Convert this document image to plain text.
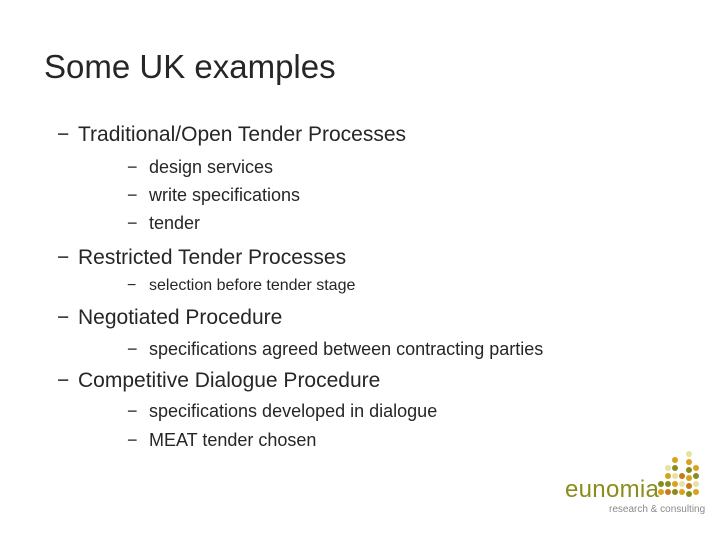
Some UK examples
− Traditional/Open Tender Processes
− design services
− write specifications
− tender
− Restricted Tender Processes
− selection before tender stage
− Negotiated Procedure
− specifications agreed between contracting parties
− Competitive Dialogue Procedure
− specifications developed in dialogue
− MEAT tender chosen
eunomia
research & consulting
